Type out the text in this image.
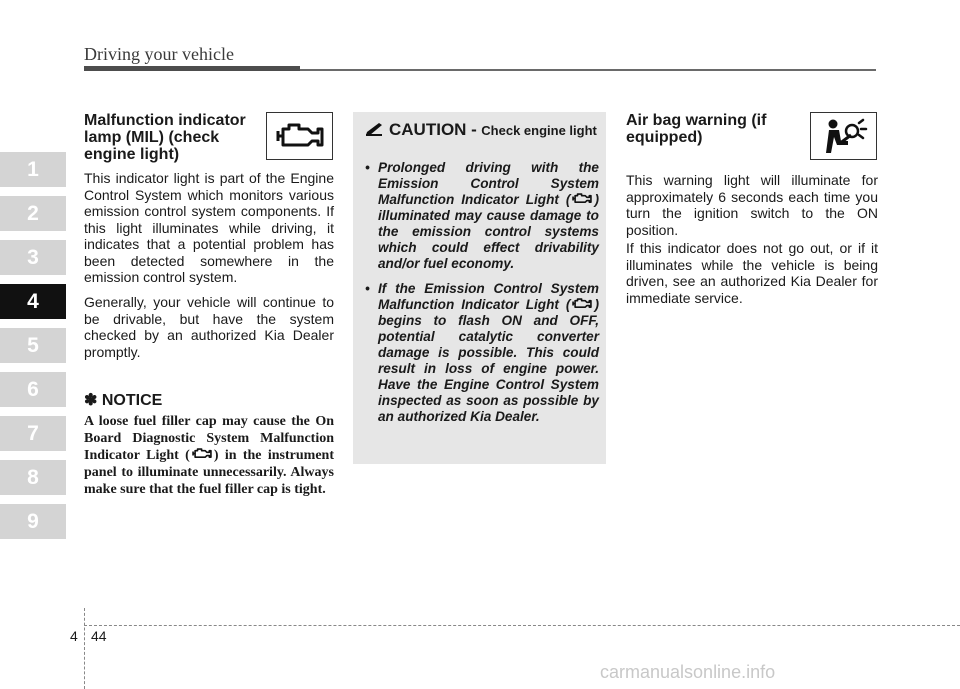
Driving your vehicle
1
2
3
4
5
6
7
8
9
Malfunction indicator lamp (MIL) (check engine light)

This indicator light is part of the Engine Control System which monitors various emission control system components. If this light illuminates while driving, it indicates that a potential problem has been detected somewhere in the emission control system.

Generally, your vehicle will continue to be drivable, but have the system checked by an authorized Kia Dealer promptly.

✽ NOTICE

A loose fuel filler cap may cause the On Board Diagnostic System Malfunction Indicator Light ( ) in the instrument panel to illuminate unnecessarily. Always make sure that the fuel filler cap is tight.

CAUTION - Check engine light
• Prolonged driving with the Emission Control System Malfunction Indicator Light ( ) illuminated may cause damage to the emission control systems which could effect drivability and/or fuel economy.
• If the Emission Control System Malfunction Indicator Light ( ) begins to flash ON and OFF, potential catalytic converter damage is possible. This could result in loss of engine power. Have the Engine Control System inspected as soon as possible by an authorized Kia Dealer.
Air bag warning (if equipped)

This warning light will illuminate for approximately 6 seconds each time you turn the ignition switch to the ON position.

If this indicator does not go out, or if it illuminates while the vehicle is being driven, see an authorized Kia Dealer for immediate service.

4 44
carmanualsonline.info
